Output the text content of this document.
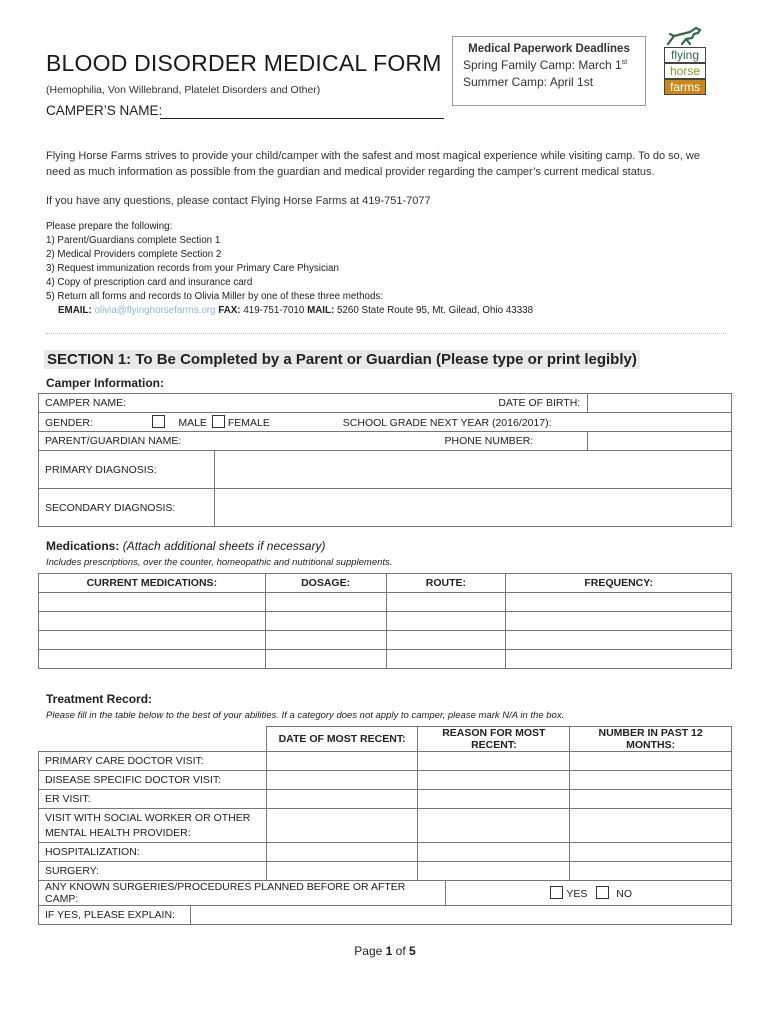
BLOOD DISORDER MEDICAL FORM
(Hemophilia, Von Willebrand, Platelet Disorders and Other)
CAMPER’S NAME:
Medical Paperwork Deadlines
Spring Family Camp: March 1st
Summer Camp: April 1st
flying
horse
farms

Flying Horse Farms strives to provide your child/camper with the safest and most magical experience while visiting camp. To do so, we need as much information as possible from the guardian and medical provider regarding the camper’s current medical status.

If you have any questions, please contact Flying Horse Farms at 419-751-7077

Please prepare the following:
1) Parent/Guardians complete Section 1
2) Medical Providers complete Section 2
3) Request immunization records from your Primary Care Physician
4) Copy of prescription card and insurance card
5) Return all forms and records to Olivia Miller by one of these three methods:
EMAIL: olivia@flyinghorsefarms.org FAX: 419-751-7010 MAIL: 5260 State Route 95, Mt. Gilead, Ohio 43338
SECTION 1: To Be Completed by a Parent or Guardian (Please type or print legibly)
Camper Information:
CAMPER NAME: DATE OF BIRTH:		

GENDER: MALE FEMALE SCHOOL GRADE NEXT YEAR (2016/2017):		
PARENT/GUARDIAN NAME: PHONE NUMBER:		

PRIMARY DIAGNOSIS:		
SECONDARY DIAGNOSIS:		
Medications: (Attach additional sheets if necessary)
Includes prescriptions, over the counter, homeopathic and nutritional supplements.
CURRENT MEDICATIONS:	DOSAGE:	ROUTE:	FREQUENCY:

Treatment Record:
Please fill in the table below to the best of your abilities. If a category does not apply to camper, please mark N/A in the box.
	DATE OF MOST RECENT:	REASON FOR MOST RECENT:	NUMBER IN PAST 12 MONTHS:
PRIMARY CARE DOCTOR VISIT:			
DISEASE SPECIFIC DOCTOR VISIT:			
ER VISIT:			

VISIT WITH SOCIAL WORKER OR OTHER
MENTAL HEALTH PROVIDER:			

HOSPITALIZATION:			
SURGERY:			
ANY KNOWN SURGERIES/PROCEDURES PLANNED BEFORE OR AFTER CAMP:		YES NO
IF YES, PLEASE EXPLAIN:		
Page 1 of 5
